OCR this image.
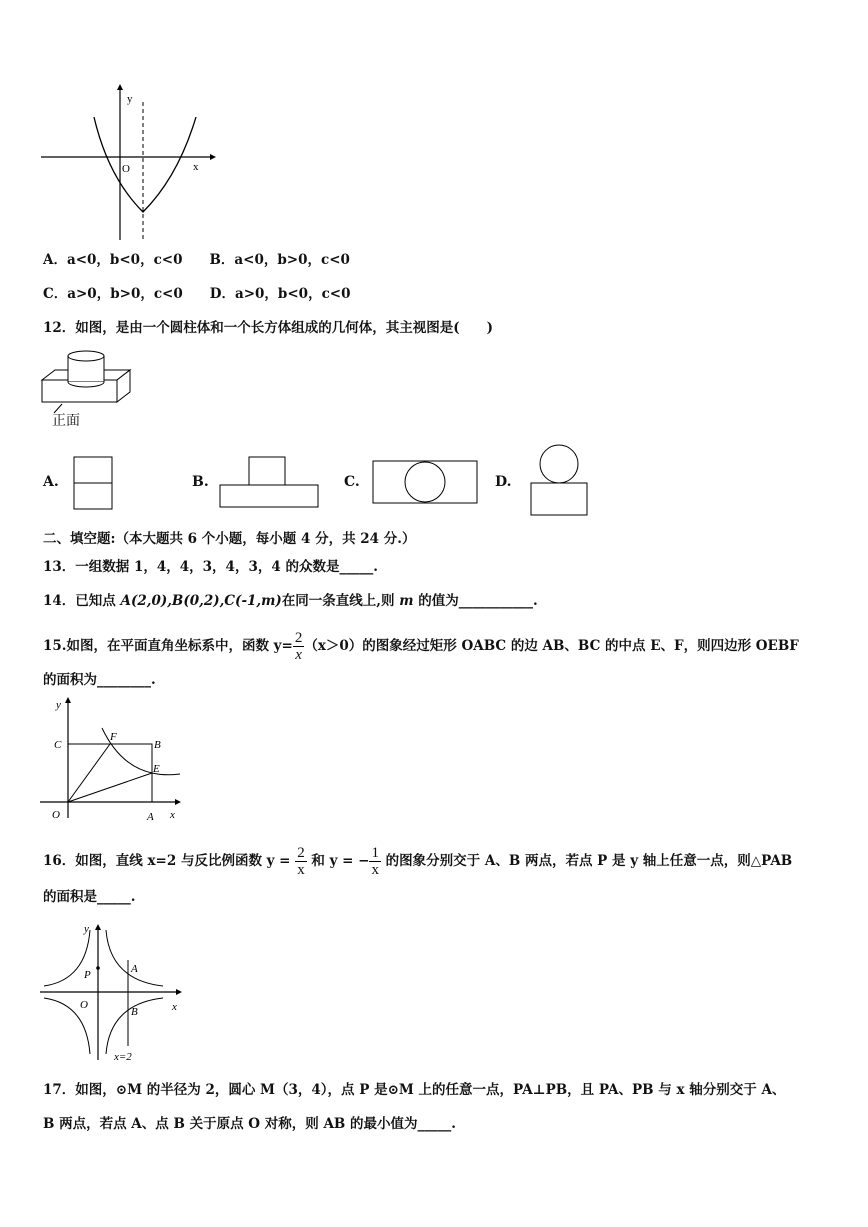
y
x
O
A．a<0，b<0，c<0　　B．a<0，b>0，c<0
C．a>0，b>0，c<0　　D．a>0，b<0，c<0
12．如图，是由一个圆柱体和一个长方体组成的几何体，其主视图是(　　)
正面
A.	B.	C.	D.
二、填空题:（本大题共 6 个小题，每小题 4 分，共 24 分.）
13．一组数据 1，4，4，3，4，3，4 的众数是_____.
14．已知点 A(2,0),B(0,2),C(-1,m)在同一条直线上,则 m 的值为___________.
15.如图，在平面直角坐标系中，函数 $y= \frac{2}{x} (x>0)$的图象经过矩形 OABC 的边 AB、BC 的中点 E、F，则四边形 OEBF
的面积为________.
y
x
O	A
B
C
E
F
16．如图，直线 x=2 与反比例函数 $y = \frac{2}{x}$ 和 y = − $\frac{1}{x}$ 的图象分别交于 A、B 两点，若点 P 是 y 轴上任意一点，则△PAB
的面积是_____.
y
x
O
A
B
P
x=2
17．如图，⊙M 的半径为 2，圆心 M（3，4），点 P 是⊙M 上的任意一点，PA⊥PB，且 PA、PB 与 x 轴分别交于 A、
B 两点，若点 A、点 B 关于原点 O 对称，则 AB 的最小值为_____.
